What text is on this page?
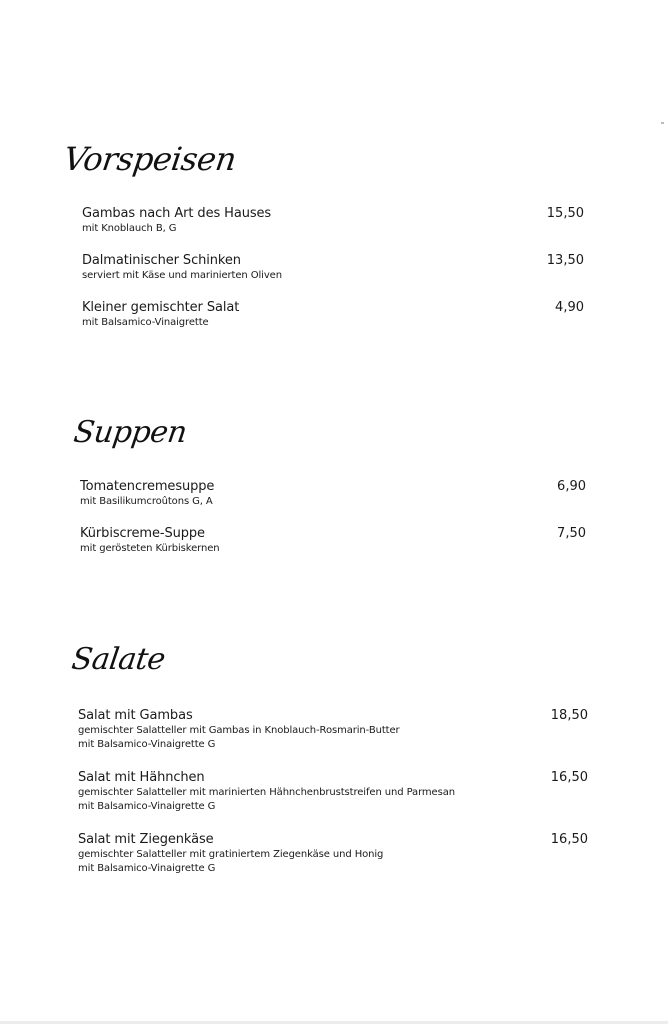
Vorspeisen
Gambas nach Art des Hauses
mit Knoblauch B, G
15,50
Dalmatinischer Schinken
serviert mit Käse und marinierten Oliven
13,50
Kleiner gemischter Salat
mit Balsamico-Vinaigrette
4,90
Suppen
Tomatencremesuppe
mit Basilikumcroûtons G, A
6,90
Kürbiscreme-Suppe
mit gerösteten Kürbiskernen
7,50
Salate
Salat mit Gambas
gemischter Salatteller mit Gambas in Knoblauch-Rosmarin-Butter
mit Balsamico-Vinaigrette G
18,50
Salat mit Hähnchen
gemischter Salatteller mit marinierten Hähnchenbruststreifen und Parmesan
mit Balsamico-Vinaigrette G
16,50
Salat mit Ziegenkäse
gemischter Salatteller mit gratiniertem Ziegenkäse und Honig
mit Balsamico-Vinaigrette G
16,50
